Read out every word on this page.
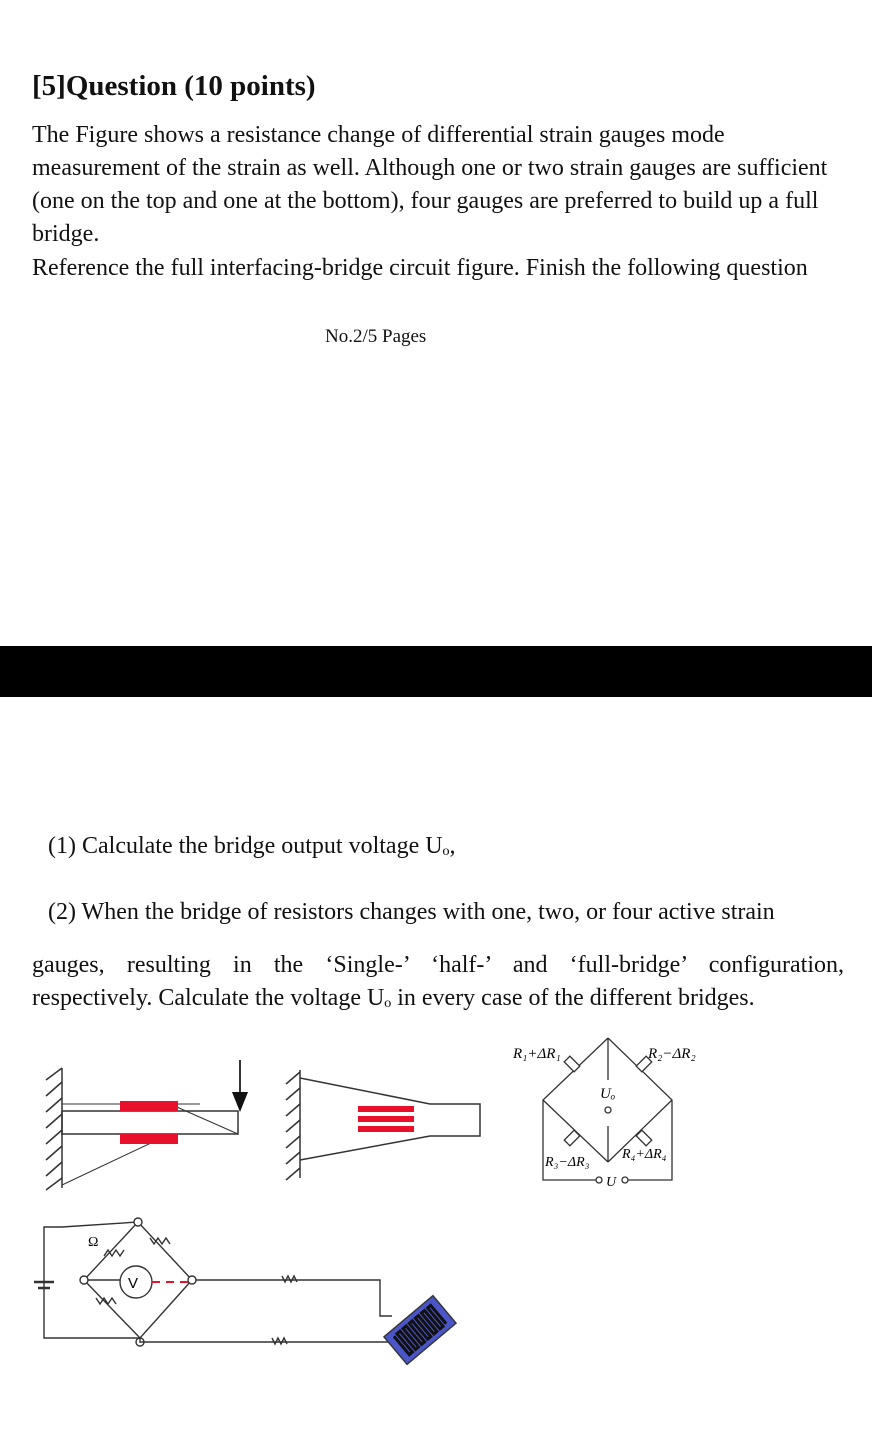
[5]Question (10 points)

The Figure shows a resistance change of differential strain gauges mode measurement of the strain as well. Although one or two strain gauges are sufficient (one on the top and one at the bottom), four gauges are preferred to build up a full bridge.

Reference the full interfacing-bridge circuit figure. Finish the following question

No.2/5 Pages

(1) Calculate the bridge output voltage Uₒ,

(2) When the bridge of resistors changes with one, two, or four active strain

gauges, resulting in the ‘Single-’ ‘half-’ and ‘full-bridge’ configuration,
respectively. Calculate the voltage Uₒ in every case of the different bridges.

R₁+ΔR₁	R₂−ΔR₂
R₃−ΔR₃
R₄+ΔR₄
Uₒ
U
V
Ω
